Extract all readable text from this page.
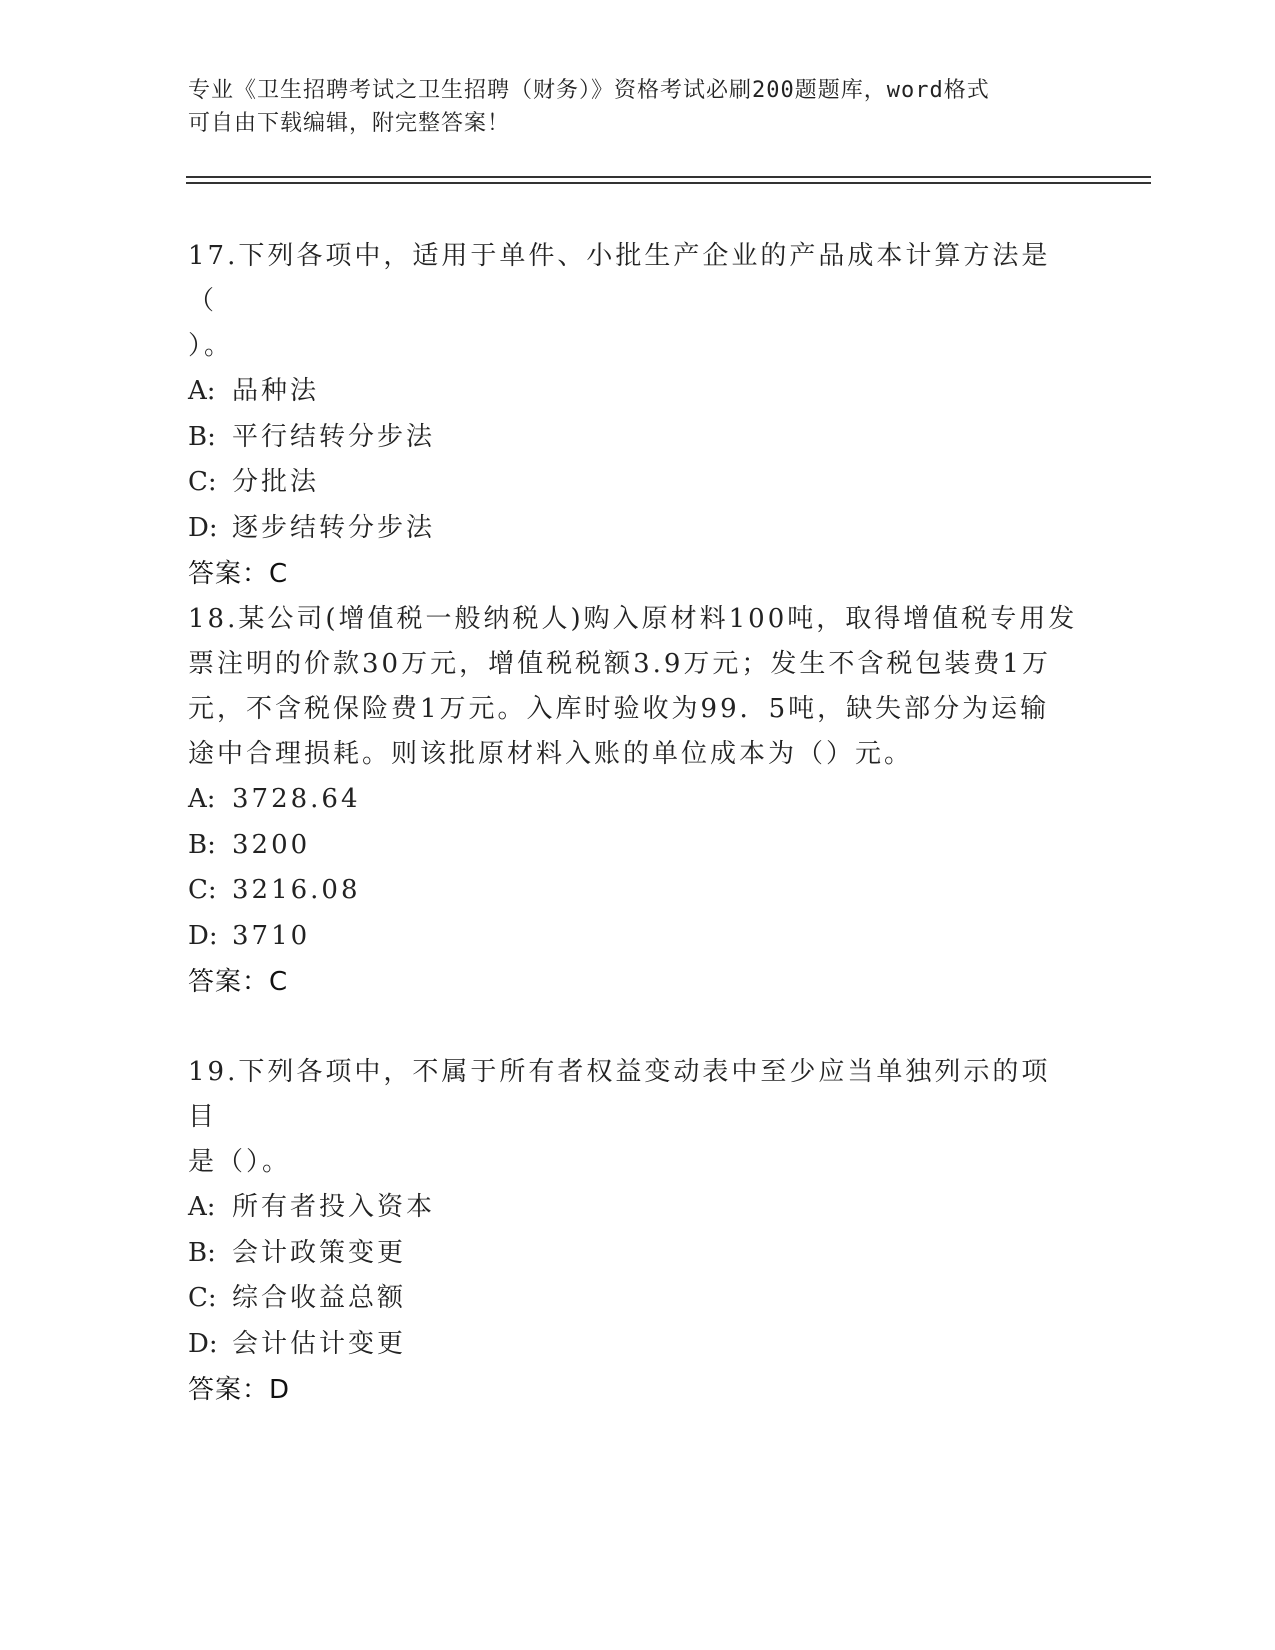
专业《卫生招聘考试之卫生招聘（财务）》资格考试必刷200题题库，word格式
可自由下载编辑，附完整答案！
17.下列各项中，适用于单件、小批生产企业的产品成本计算方法是（
）。
A: 品种法
B: 平行结转分步法
C: 分批法
D: 逐步结转分步法
答案：C
18.某公司(增值税一般纳税人)购入原材料100吨，取得增值税专用发
票注明的价款30万元，增值税税额3.9万元；发生不含税包装费1万
元，不含税保险费1万元。入库时验收为99．5吨，缺失部分为运输
途中合理损耗。则该批原材料入账的单位成本为（）元。
A: 3728.64
B: 3200
C: 3216.08
D: 3710
答案：C
19.下列各项中，不属于所有者权益变动表中至少应当单独列示的项目
是（）。
A: 所有者投入资本
B: 会计政策变更
C: 综合收益总额
D: 会计估计变更
答案：D
